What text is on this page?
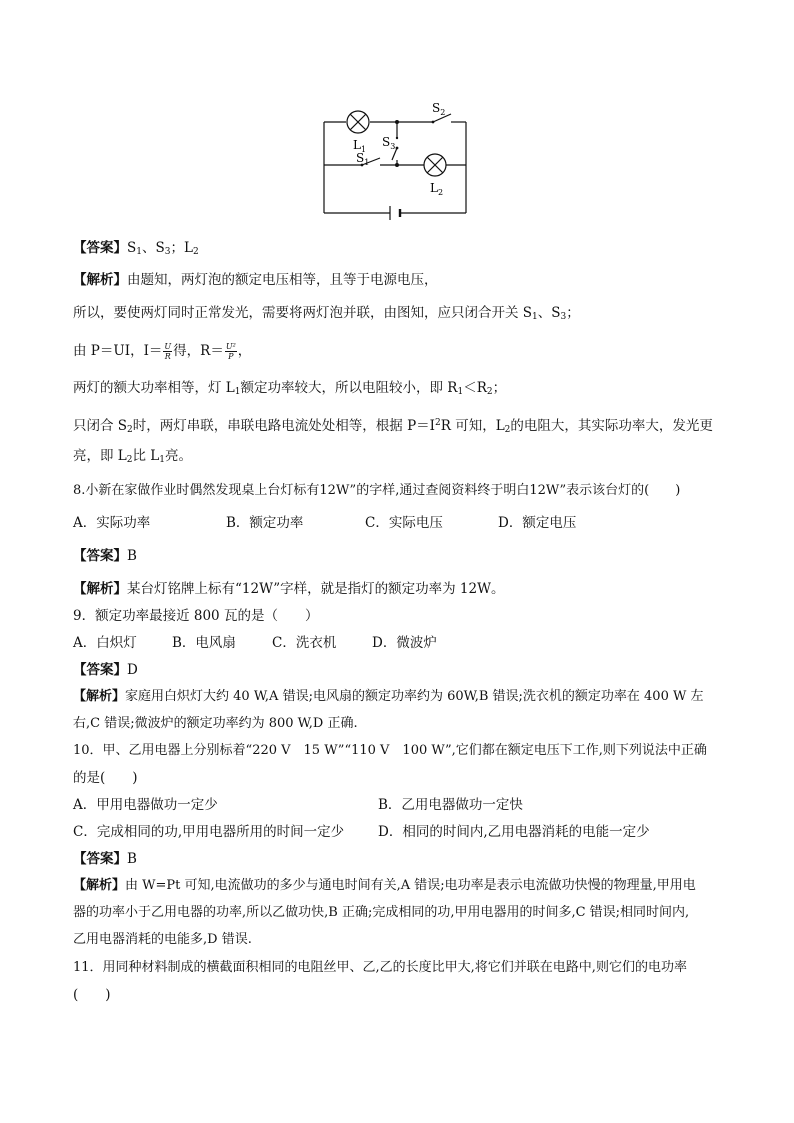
$L_1$
$L_2$
$S_1$
$S_2$
$S_3$
【答案】$S_1$、$S_3$；$L_2$
【解析】由题知，两灯泡的额定电压相等，且等于电源电压，
所以，要使两灯同时正常发光，需要将两灯泡并联，由图知，应只闭合开关 $S_1$、$S_3$；
由 P＝UI，$I= \frac{U}{R}$ 得，$R= \frac{\text{U²}}{P}$ ，
两灯的额大功率相等，灯 $L_1$额定功率较大，所以电阻较小，即 $R_1<R_2$；
只闭合 $S_2$时，两灯串联，串联电路电流处处相等，根据 $P=I^2R$ 可知，$L_2$的电阻大，其实际功率大，发光更
亮，即 $L_2$比 $L_1$亮。
8.小新在家做作业时偶然发现桌上台灯标有12W”的字样,通过查阅资料终于明白12W”表示该台灯的(　　)
A．实际功率	B．额定功率	C．实际电压	D．额定电压
【答案】B
【解析】某台灯铭牌上标有“12W”字样，就是指灯的额定功率为 12W。
9．额定功率最接近 800 瓦的是（　　）
A．白炽灯	B．电风扇	C．洗衣机	D．微波炉
【答案】D
【解析】家庭用白炽灯大约 40 W,A 错误;电风扇的额定功率约为 60W,B 错误;洗衣机的额定功率在 400 W 左
右,C 错误;微波炉的额定功率约为 800 W,D 正确.
10．甲、乙用电器上分别标着“220 V　15 W”“110 V　100 W”,它们都在额定电压下工作,则下列说法中正确
的是(　　)
A．甲用电器做功一定少	B．乙用电器做功一定快
C．完成相同的功,甲用电器所用的时间一定少	D．相同的时间内,乙用电器消耗的电能一定少
【答案】B
【解析】由 W=Pt 可知,电流做功的多少与通电时间有关,A 错误;电功率是表示电流做功快慢的物理量,甲用电
器的功率小于乙用电器的功率,所以乙做功快,B 正确;完成相同的功,甲用电器用的时间多,C 错误;相同时间内,
乙用电器消耗的电能多,D 错误.
11．用同种材料制成的横截面积相同的电阻丝甲、乙,乙的长度比甲大,将它们并联在电路中,则它们的电功率
(　　)
